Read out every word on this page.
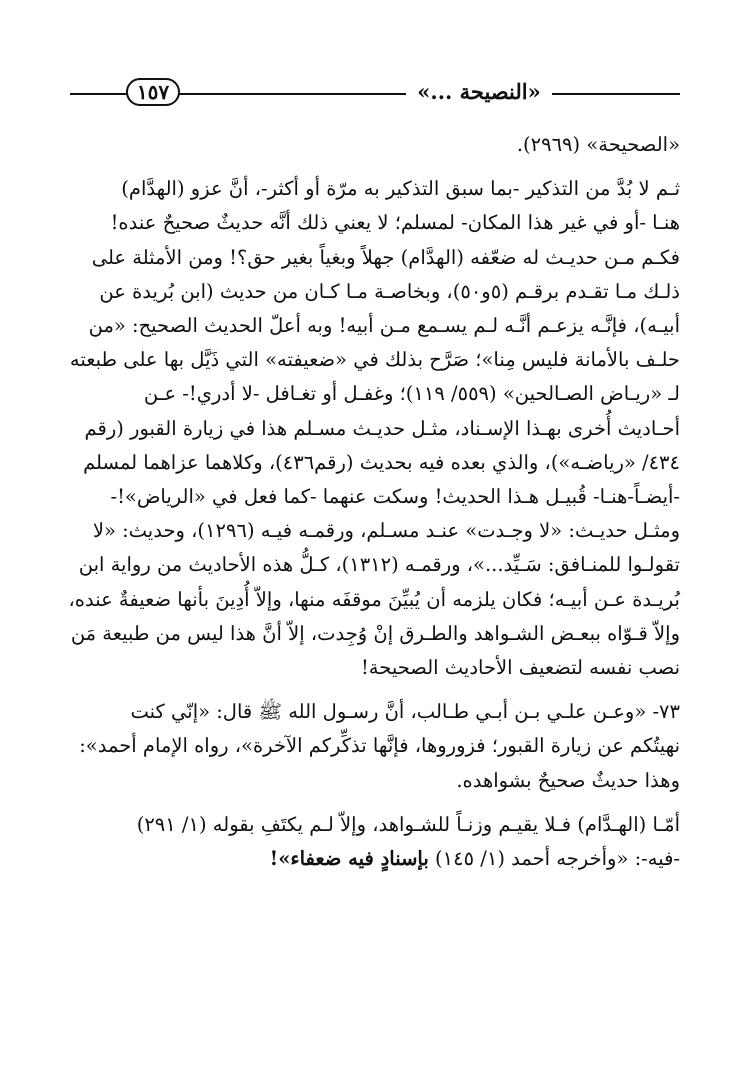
١٥٧	«النصيحة ...»

«الصحيحة» (٢٩٦٩).

ثـم لا بُدَّ من التذكير -بما سبق التذكير به مرّة أو أكثر-، أنَّ عزو (الهدَّام)

هنـا -أو في غير هذا المكان- لمسلم؛ لا يعني ذلك أنَّه حديثٌ صحيحٌ عنده!

فكـم مـن حديـث له ضعّفه (الهدَّام) جهلاً وبغياً بغير حق؟! ومن الأمثلة على

ذلـك مـا تقـدم برقـم (٥و٥٠)، وبخاصـة مـا كـان من حديث (ابن بُريدة عن

أبيـه)، فإنَّـه يزعـم أنَّـه لـم يسـمع مـن أبيه! وبه أعلّ الحديث الصحيح: «من

حلـف بالأمانة فليس مِنا»؛ صَرَّح بذلك في «ضعيفته» التي ذَيَّل بها على طبعته

لـ «ريـاض الصـالحين» (٥٥٩/ ١١٩)؛ وغفـل أو تغـافل -لا أدري!- عـن

أحـاديث أُخرى بهـذا الإسـناد، مثـل حديـث مسـلم هذا في زيارة القبور (رقم

٤٣٤/ «رياضـه»)، والذي بعده فيه بحديث (رقم٤٣٦)، وكلاهما عزاهما لمسلم

-أيضـاً-هنـا- قُبيـل هـذا الحديث! وسكت عنهما -كما فعل في «الرياض»!-

ومثـل حديـث: «لا وجـدت» عنـد مسـلم، ورقمـه فيـه (١٢٩٦)، وحديث: «لا

تقولـوا للمنـافق: سَـيِّد...»، ورقمـه (١٣١٢)، كـلُّ هذه الأحاديث من رواية ابن

بُريـدة عـن أبيـه؛ فكان يلزمه أن يُبيِّنَ موقفَه منها، وإلاّ أُدِينَ بأنها ضعيفةٌ عنده،

وإلاّ قـوّاه ببعـض الشـواهد والطـرق إنْ وُجِدت، إلاّ أنَّ هذا ليس من طبيعة مَن

نصب نفسه لتضعيف الأحاديث الصحيحة!

٧٣- «وعـن علـي بـن أبـي طـالب، أنَّ رسـول الله ﷺ قال: «إنّي كنت

نهيتُكم عن زيارة القبور؛ فزوروها، فإنَّها تذكِّركم الآخرة»، رواه الإمام أحمد»:

وهذا حديثٌ صحيحٌ بشواهده.

أمّـا (الهـدَّام) فـلا يقيـم وزنـاً للشـواهد، وإلاّ لـم يكتَفِ بقوله (١/ ٢٩١)

-فيه-: «وأخرجه أحمد (١/ ١٤٥) بإسنادٍ فيه ضعفاء»!
